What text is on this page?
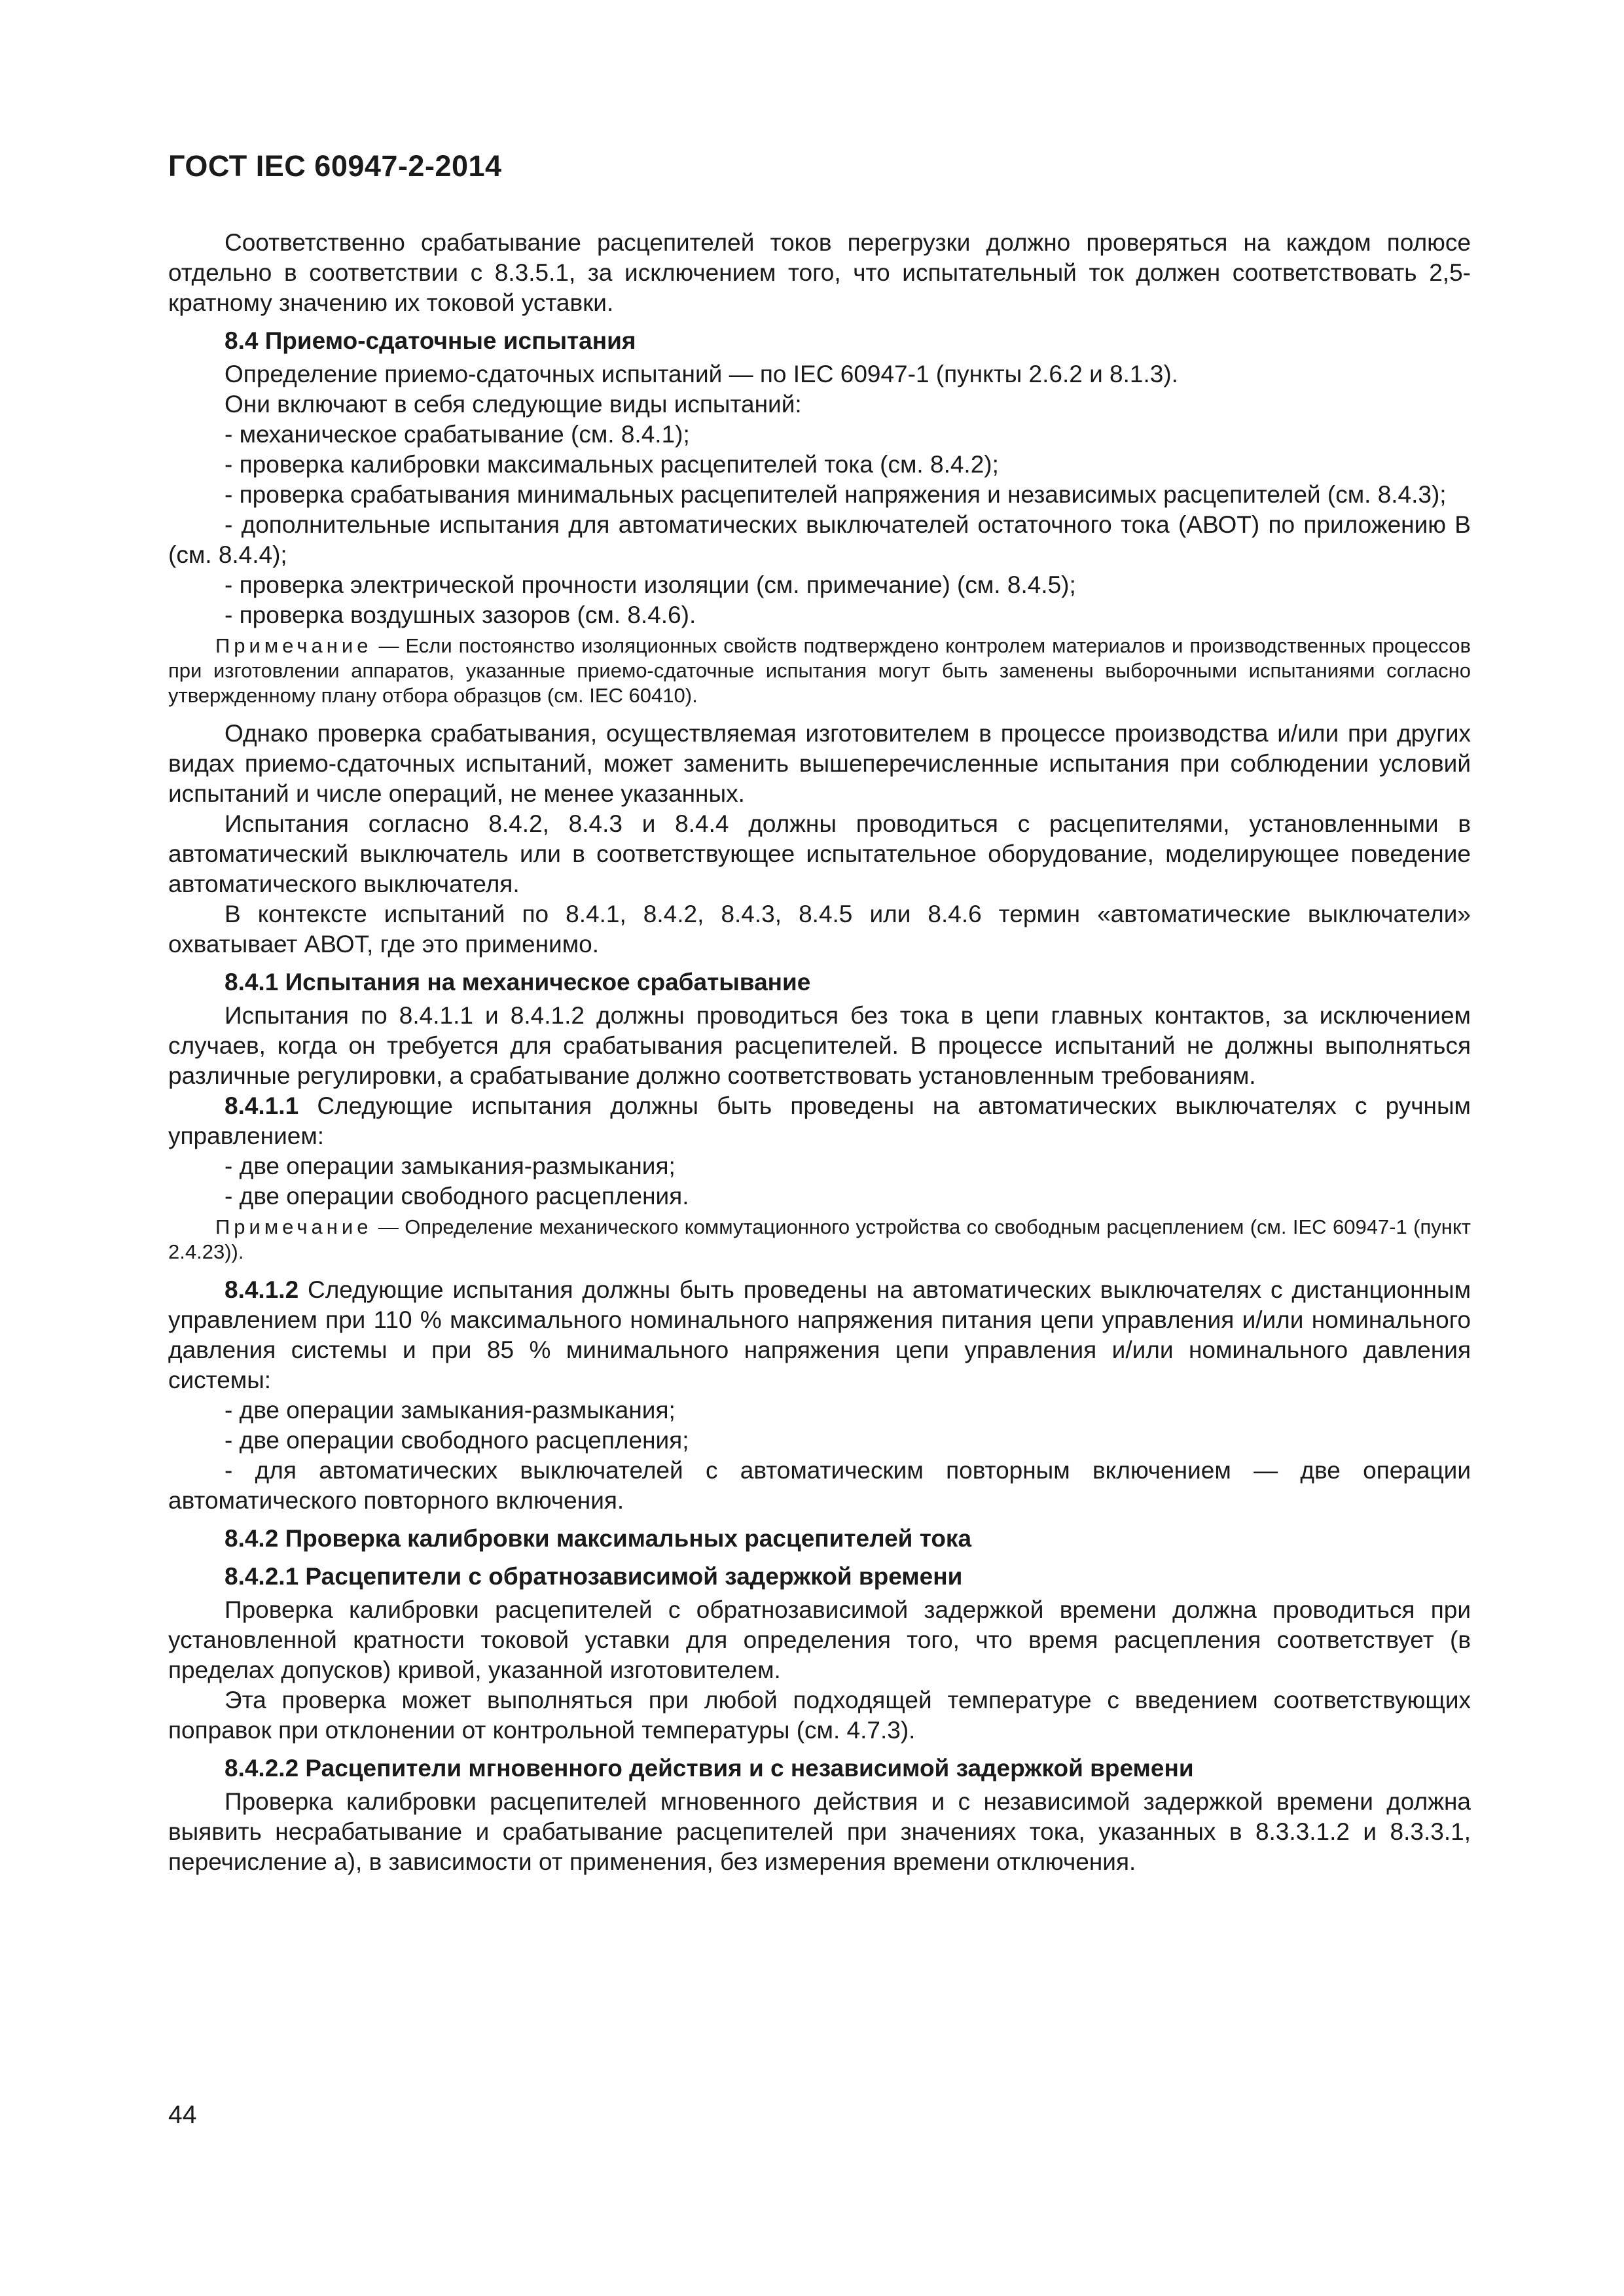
ГОСТ IEC 60947-2-2014

Соответственно срабатывание расцепителей токов перегрузки должно проверяться на каждом полюсе отдельно в соответствии с 8.3.5.1, за исключением того, что испытательный ток должен соответствовать 2,5-кратному значению их токовой уставки.

8.4 Приемо-сдаточные испытания

Определение приемо-сдаточных испытаний — по IEC 60947-1 (пункты 2.6.2 и 8.1.3).

Они включают в себя следующие виды испытаний:

- механическое срабатывание (см. 8.4.1);

- проверка калибровки максимальных расцепителей тока (см. 8.4.2);

- проверка срабатывания минимальных расцепителей напряжения и независимых расцепителей (см. 8.4.3);

- дополнительные испытания для автоматических выключателей остаточного тока (АВОТ) по приложению В (см. 8.4.4);

- проверка электрической прочности изоляции (см. примечание) (см. 8.4.5);

- проверка воздушных зазоров (см. 8.4.6).

Примечание — Если постоянство изоляционных свойств подтверждено контролем материалов и производственных процессов при изготовлении аппаратов, указанные приемо-сдаточные испытания могут быть заменены выборочными испытаниями согласно утвержденному плану отбора образцов (см. IEC 60410).

Однако проверка срабатывания, осуществляемая изготовителем в процессе производства и/или при других видах приемо-сдаточных испытаний, может заменить вышеперечисленные испытания при соблюдении условий испытаний и числе операций, не менее указанных.

Испытания согласно 8.4.2, 8.4.3 и 8.4.4 должны проводиться с расцепителями, установленными в автоматический выключатель или в соответствующее испытательное оборудование, моделирующее поведение автоматического выключателя.

В контексте испытаний по 8.4.1, 8.4.2, 8.4.3, 8.4.5 или 8.4.6 термин «автоматические выключатели» охватывает АВОТ, где это применимо.

8.4.1 Испытания на механическое срабатывание

Испытания по 8.4.1.1 и 8.4.1.2 должны проводиться без тока в цепи главных контактов, за исключением случаев, когда он требуется для срабатывания расцепителей. В процессе испытаний не должны выполняться различные регулировки, а срабатывание должно соответствовать установленным требованиям.

8.4.1.1 Следующие испытания должны быть проведены на автоматических выключателях с ручным управлением:

- две операции замыкания-размыкания;

- две операции свободного расцепления.

Примечание — Определение механического коммутационного устройства со свободным расцеплением (см. IEC 60947-1 (пункт 2.4.23)).

8.4.1.2 Следующие испытания должны быть проведены на автоматических выключателях с дистанционным управлением при 110 % максимального номинального напряжения питания цепи управления и/или номинального давления системы и при 85 % минимального напряжения цепи управления и/или номинального давления системы:

- две операции замыкания-размыкания;

- две операции свободного расцепления;

- для автоматических выключателей с автоматическим повторным включением — две операции автоматического повторного включения.

8.4.2 Проверка калибровки максимальных расцепителей тока

8.4.2.1 Расцепители с обратнозависимой задержкой времени

Проверка калибровки расцепителей с обратнозависимой задержкой времени должна проводиться при установленной кратности токовой уставки для определения того, что время расцепления соответствует (в пределах допусков) кривой, указанной изготовителем.

Эта проверка может выполняться при любой подходящей температуре с введением соответствующих поправок при отклонении от контрольной температуры (см. 4.7.3).

8.4.2.2 Расцепители мгновенного действия и с независимой задержкой времени

Проверка калибровки расцепителей мгновенного действия и с независимой задержкой времени должна выявить несрабатывание и срабатывание расцепителей при значениях тока, указанных в 8.3.3.1.2 и 8.3.3.1, перечисление а), в зависимости от применения, без измерения времени отключения.

44
